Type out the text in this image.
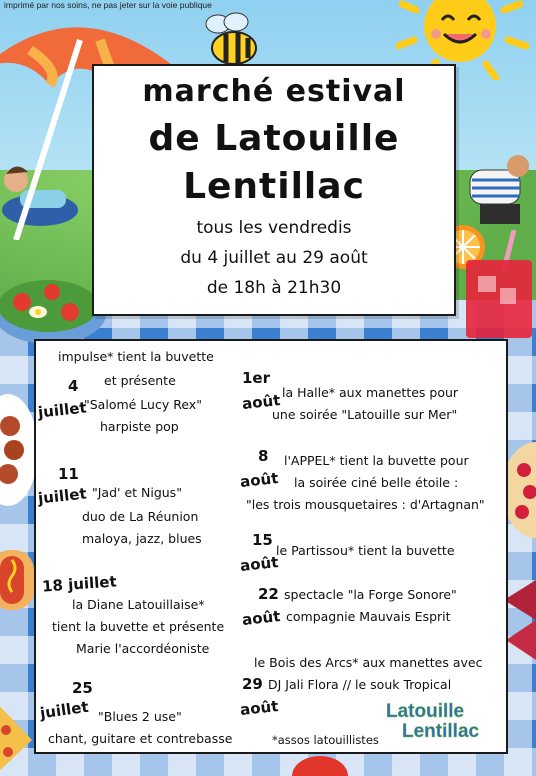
imprimé par nos soins, ne pas jeter sur la voie publique
marché estival
de Latouille
Lentillac
tous les vendredis
du 4 juillet au 29 août
de 18h à 21h30
impulse* tient la buvette
4 et présente
juillet
"Salomé Lucy Rex"
harpiste pop
11
juillet "Jad' et Nigus"
duo de La Réunion
maloya, jazz, blues
18 juillet
la Diane Latouillaise*
tient la buvette et présente
Marie l'accordéoniste
25
juillet "Blues 2 use"
chant, guitare et contrebasse
1er
la Halle* aux manettes pour
août
une soirée "Latouille sur Mer"
8 l'APPEL* tient la buvette pour
août la soirée ciné belle étoile :
"les trois mousquetaires : d'Artagnan"
15
le Partissou* tient la buvette
août
22 spectacle "la Forge Sonore"
août compagnie Mauvais Esprit
le Bois des Arcs* aux manettes avec
29 DJ Jali Flora // le souk Tropical
août
*assos latouillistes
Latouille
Lentillac
